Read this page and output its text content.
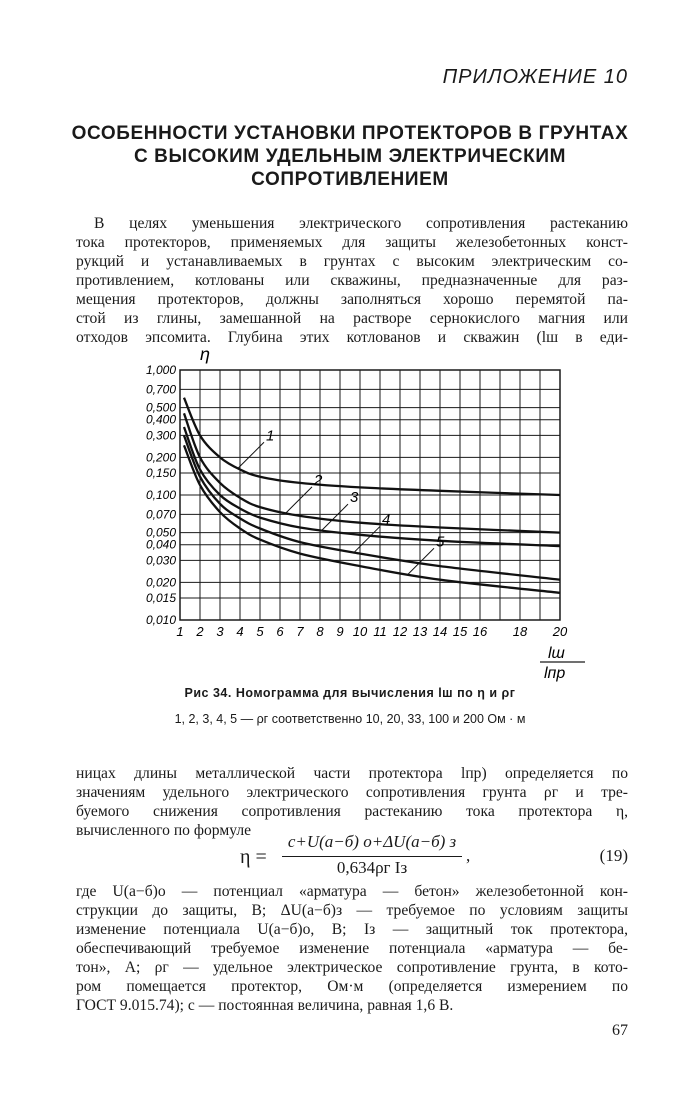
ПРИЛОЖЕНИЕ 10
ОСОБЕННОСТИ УСТАНОВКИ ПРОТЕКТОРОВ В ГРУНТАХ
С ВЫСОКИМ УДЕЛЬНЫМ ЭЛЕКТРИЧЕСКИМ
СОПРОТИВЛЕНИЕМ
В целях уменьшения электрического сопротивления растеканию
тока протекторов, применяемых для защиты железобетонных конст-
рукций и устанавливаемых в грунтах с высоким электрическим со-
противлением, котлованы или скважины, предназначенные для раз-
мещения протекторов, должны заполняться хорошо перемятой па-
стой из глины, замешанной на растворе сернокислого магния или
отходов эпсомита. Глубина этих котлованов и скважин (lш в еди-
1,000
0,700
0,500
0,400
0,300
0,200
0,150
0,100
0,070
0,050
0,040
0,030
0,020
0,015
0,010
1 2 3 4 5 6 7 8 9 10 11 12 13 14 15 16 18 20
1
2
3
4
5
η
lш
lпр
Рис 34. Номограмма для вычисления lш по η и ρг
1, 2, 3, 4, 5 — ρг соответственно 10, 20, 33, 100 и 200 Ом · м
ницах длины металлической части протектора lпр) определяется по
значениям удельного электрического сопротивления грунта ρг и тре-
буемого снижения сопротивления растеканию тока протектора η,
вычисленного по формуле
η =
c+U(а−б) о+ΔU(а−б) з
0,634ρг Iз
,	(19)
где U(а−б)о — потенциал «арматура — бетон» железобетонной кон-
струкции до защиты, В; ΔU(а−б)з — требуемое по условиям защиты
изменение потенциала U(а−б)о, В; Iз — защитный ток протектора,
обеспечивающий требуемое изменение потенциала «арматура — бе-
тон», А; ρг — удельное электрическое сопротивление грунта, в кото-
ром помещается протектор, Ом·м (определяется измерением по
ГОСТ 9.015.74); c — постоянная величина, равная 1,6 В.
67
